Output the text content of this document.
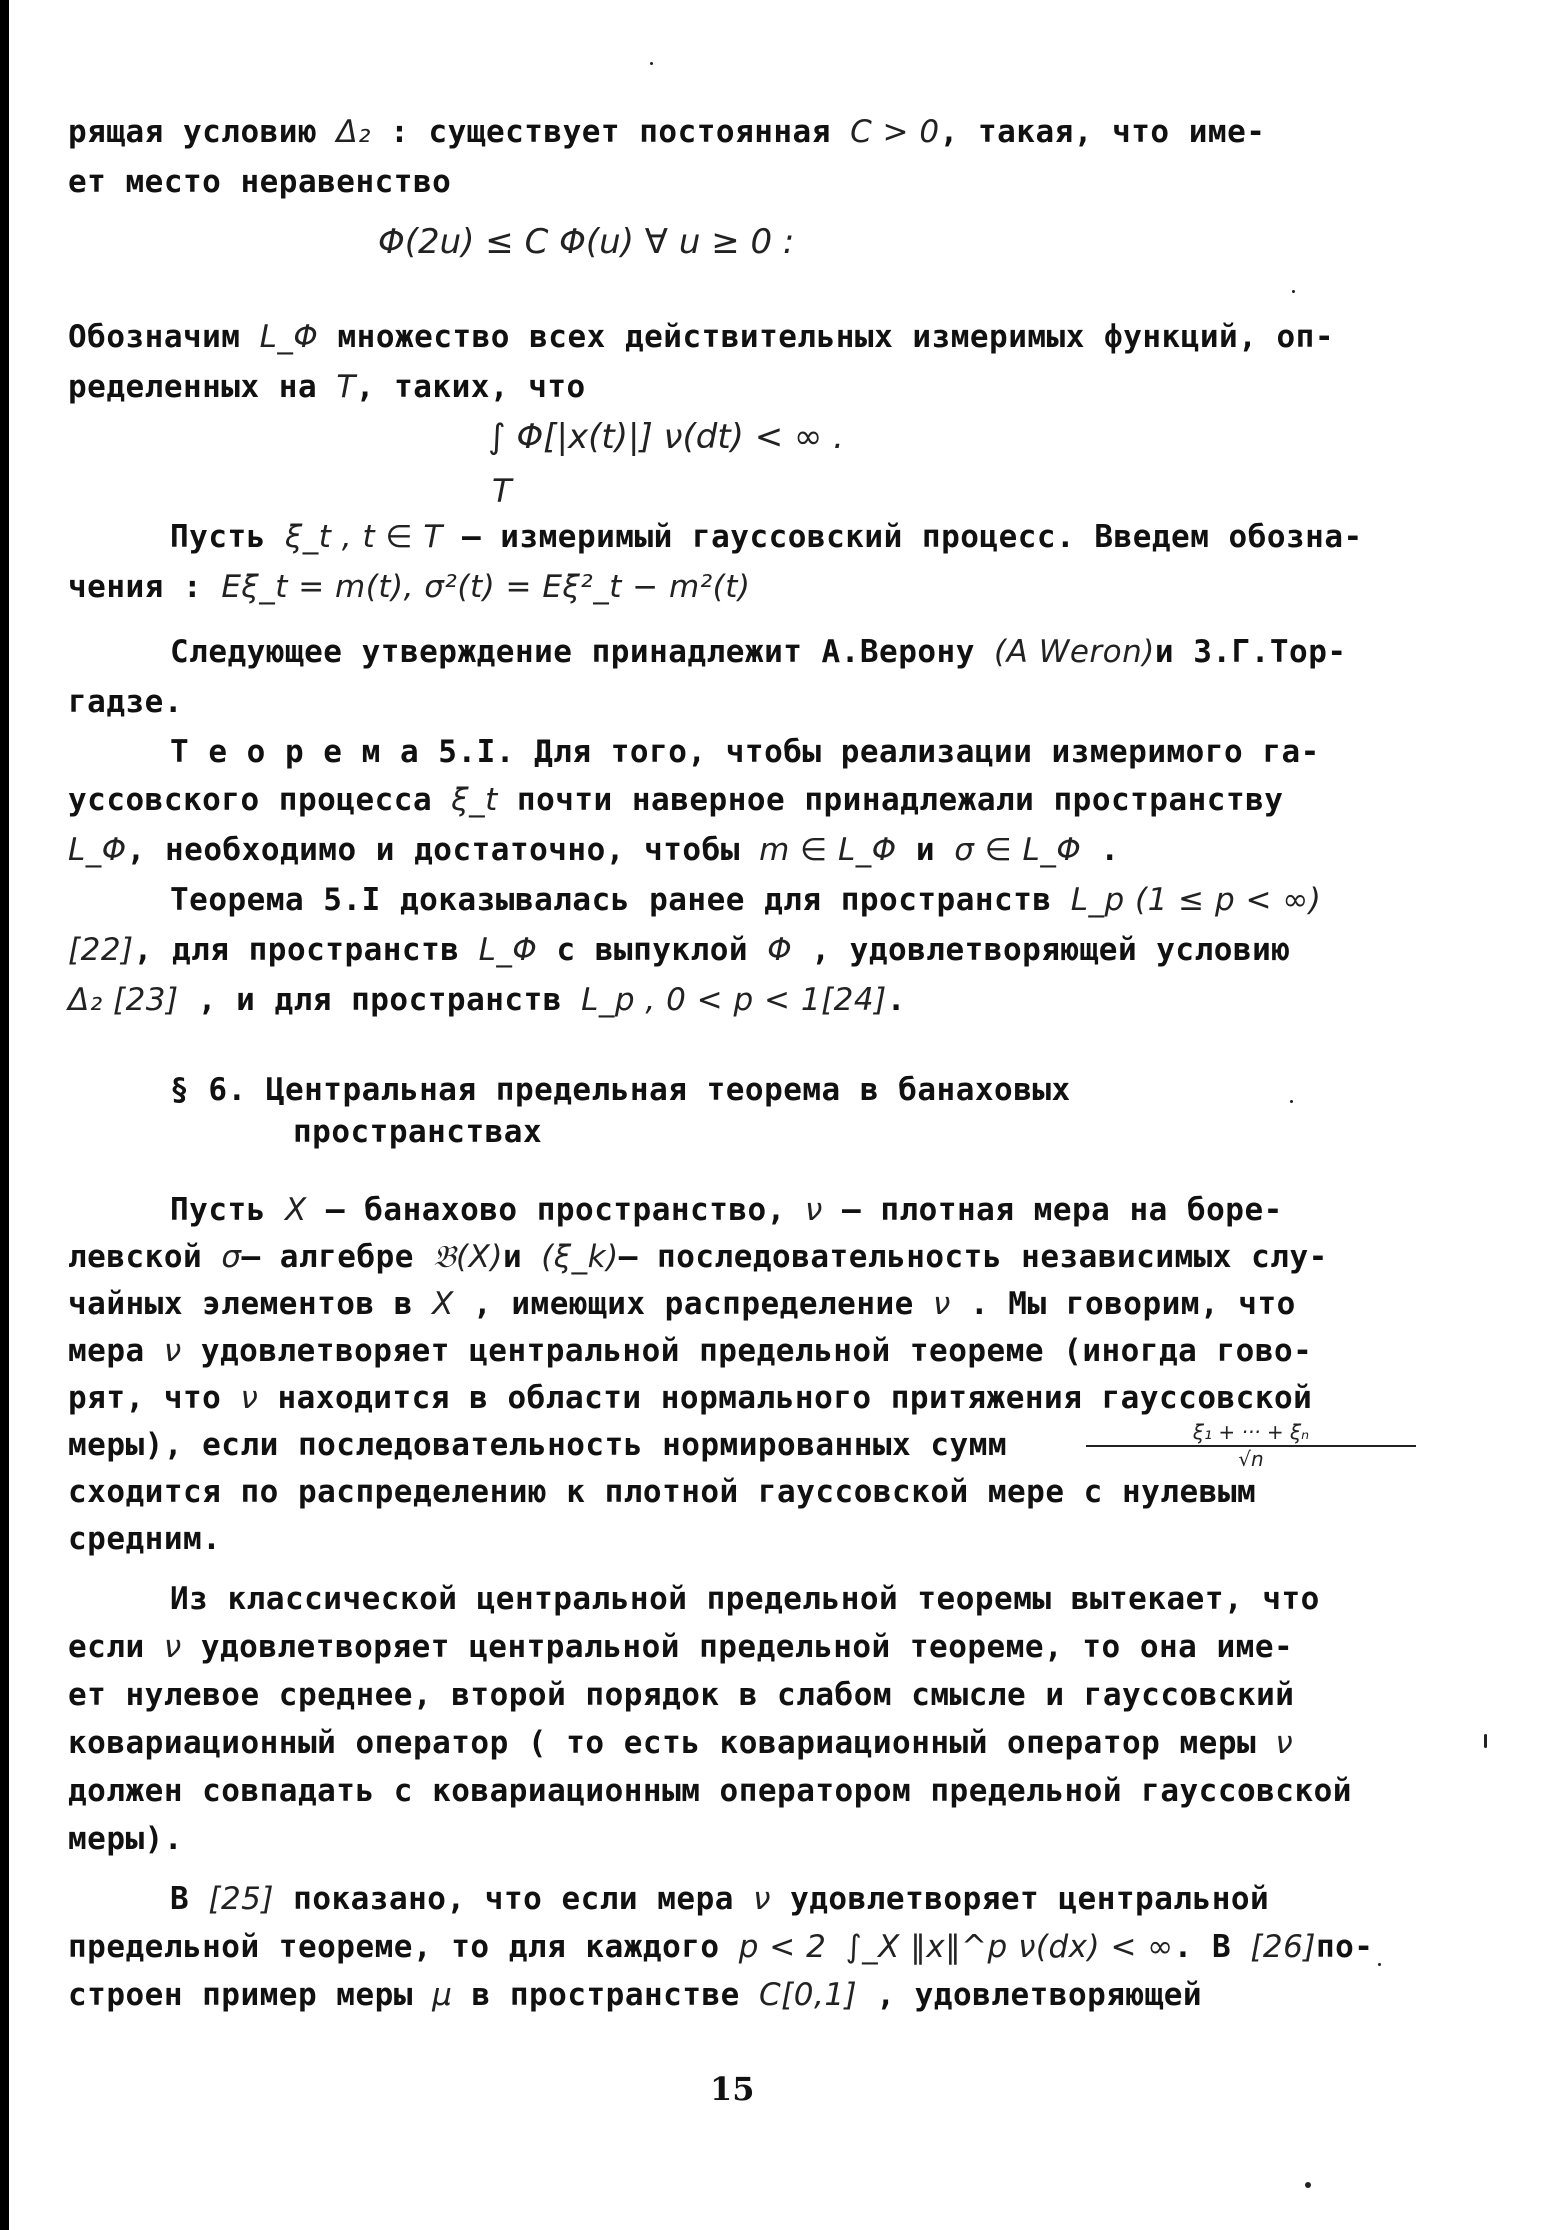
рящая условию Δ₂ : существует постоянная C > 0, такая, что име-
ет место неравенство
Φ(2u) ≤ C Φ(u) ∀ u ≥ 0 :
Обозначим L_Φ множество всех действительных измеримых функций, оп-
ределенных на T, таких, что
∫ Φ[|x(t)|] ν(dt) < ∞ .
T
Пусть ξ_t , t ∈ T – измеримый гауссовский процесс. Введем обозна-
чения : Eξ_t = m(t), σ²(t) = Eξ²_t − m²(t)
Следующее утверждение принадлежит А.Верону (A Weron)и З.Г.Тор-
гадзе.
Т е о р е м а 5.I. Для того, чтобы реализации измеримого га-
уссовского процесса ξ_t почти наверное принадлежали пространству
L_Φ, необходимо и достаточно, чтобы m ∈ L_Φ и σ ∈ L_Φ .
Теорема 5.I доказывалась ранее для пространств L_p (1 ≤ p < ∞)
[22], для пространств L_Φ с выпуклой Φ , удовлетворяющей условию
Δ₂ [23] , и для пространств L_p , 0 < p < 1[24].
§ 6. Центральная предельная теорема в банаховых
пространствах
Пусть X – банахово пространство, ν – плотная мера на боре-
левской σ– алгебре 𝔅(X)и (ξ_k)– последовательность независимых слу-
чайных элементов в X , имеющих распределение ν . Мы говорим, что
мера ν удовлетворяет центральной предельной теореме (иногда гово-
рят, что ν находится в области нормального притяжения гауссовской
меры), если последовательность нормированных сумм	$\frac{\text{ξ₁ + ··· + ξₙ}}{√n}$
сходится по распределению к плотной гауссовской мере с нулевым
средним.
Из классической центральной предельной теоремы вытекает, что
если ν удовлетворяет центральной предельной теореме, то она име-
ет нулевое среднее, второй порядок в слабом смысле и гауссовский
ковариационный оператор ( то есть ковариационный оператор меры ν
должен совпадать с ковариационным оператором предельной гауссовской
меры).
В [25] показано, что если мера ν удовлетворяет центральной
предельной теореме, то для каждого p < 2 ∫_X ‖x‖^p ν(dx) < ∞. В [26]по-
строен пример меры μ в пространстве C[0,1] , удовлетворяющей
15
